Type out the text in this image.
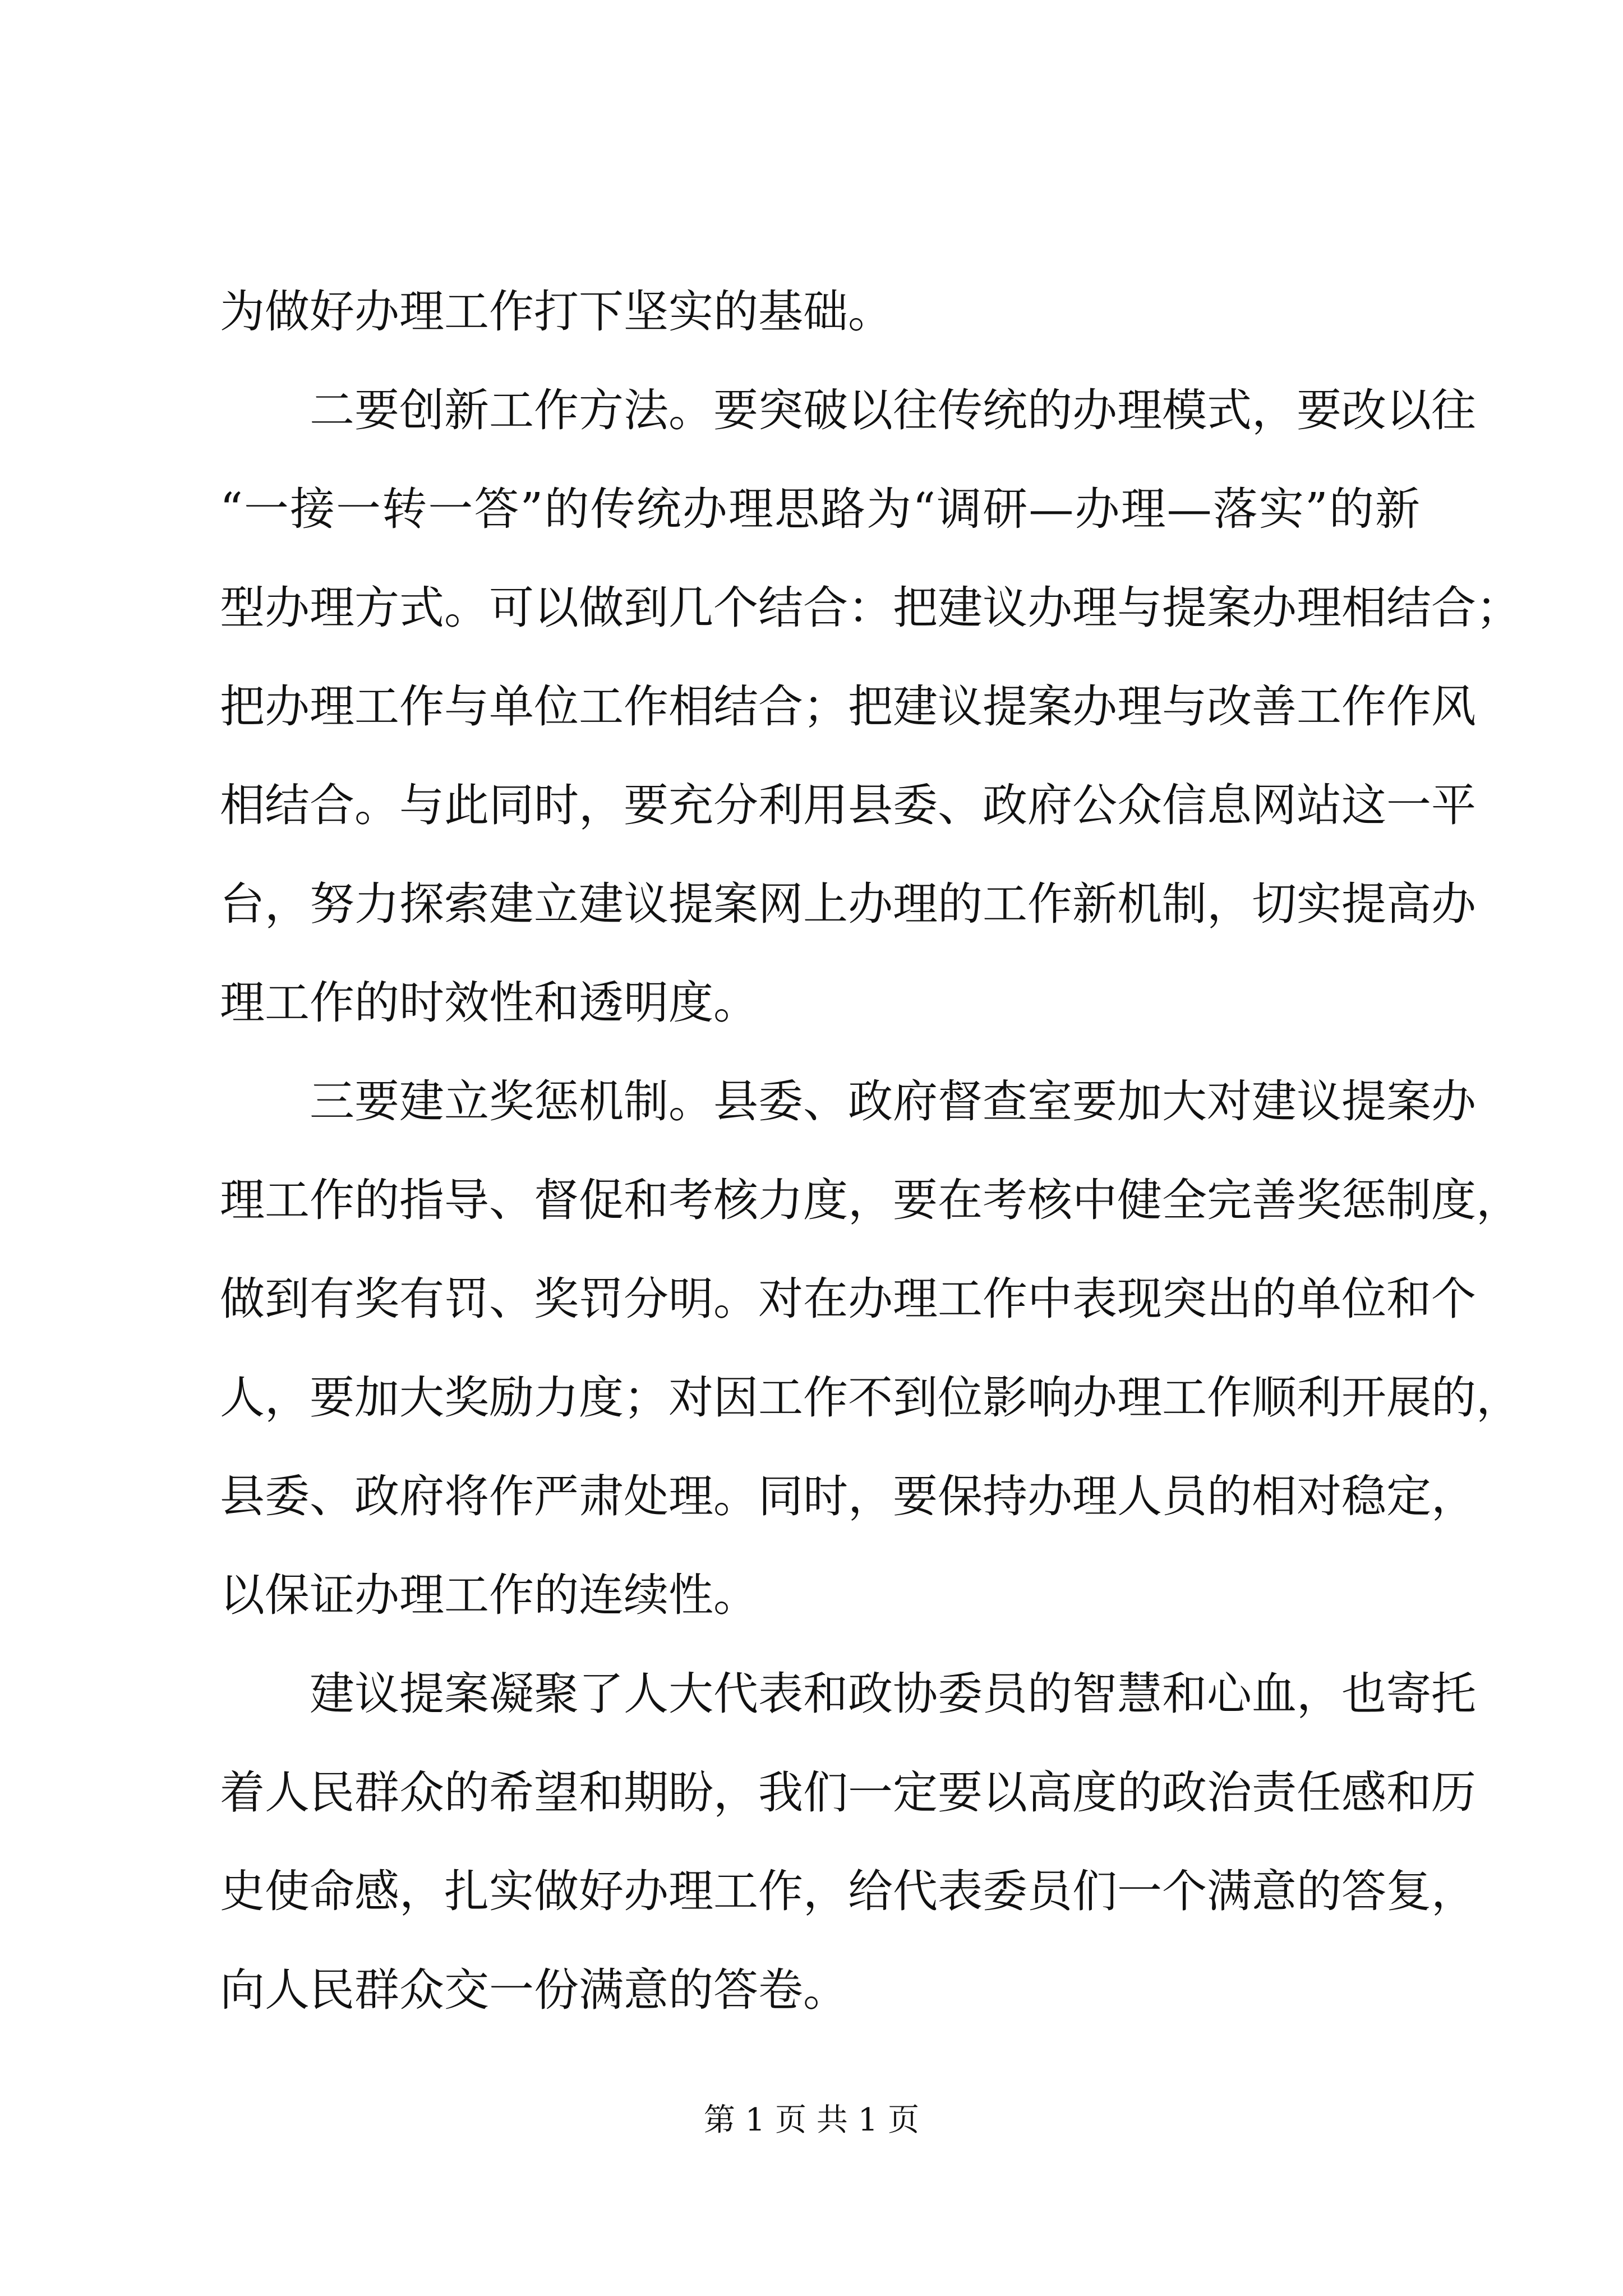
为做好办理工作打下坚实的基础。
　　二要创新工作方法。要突破以往传统的办理模式，要改以往
“一接一转一答”的传统办理思路为“调研—办理—落实”的新
型办理方式。可以做到几个结合：把建议办理与提案办理相结合；
把办理工作与单位工作相结合；把建议提案办理与改善工作作风
相结合。与此同时，要充分利用县委、政府公众信息网站这一平
台，努力探索建立建议提案网上办理的工作新机制，切实提高办
理工作的时效性和透明度。
　　三要建立奖惩机制。县委、政府督查室要加大对建议提案办
理工作的指导、督促和考核力度，要在考核中健全完善奖惩制度，
做到有奖有罚、奖罚分明。对在办理工作中表现突出的单位和个
人，要加大奖励力度；对因工作不到位影响办理工作顺利开展的，
县委、政府将作严肃处理。同时，要保持办理人员的相对稳定，
以保证办理工作的连续性。
　　建议提案凝聚了人大代表和政协委员的智慧和心血，也寄托
着人民群众的希望和期盼，我们一定要以高度的政治责任感和历
史使命感，扎实做好办理工作，给代表委员们一个满意的答复，
向人民群众交一份满意的答卷。
第 1 页 共 1 页
